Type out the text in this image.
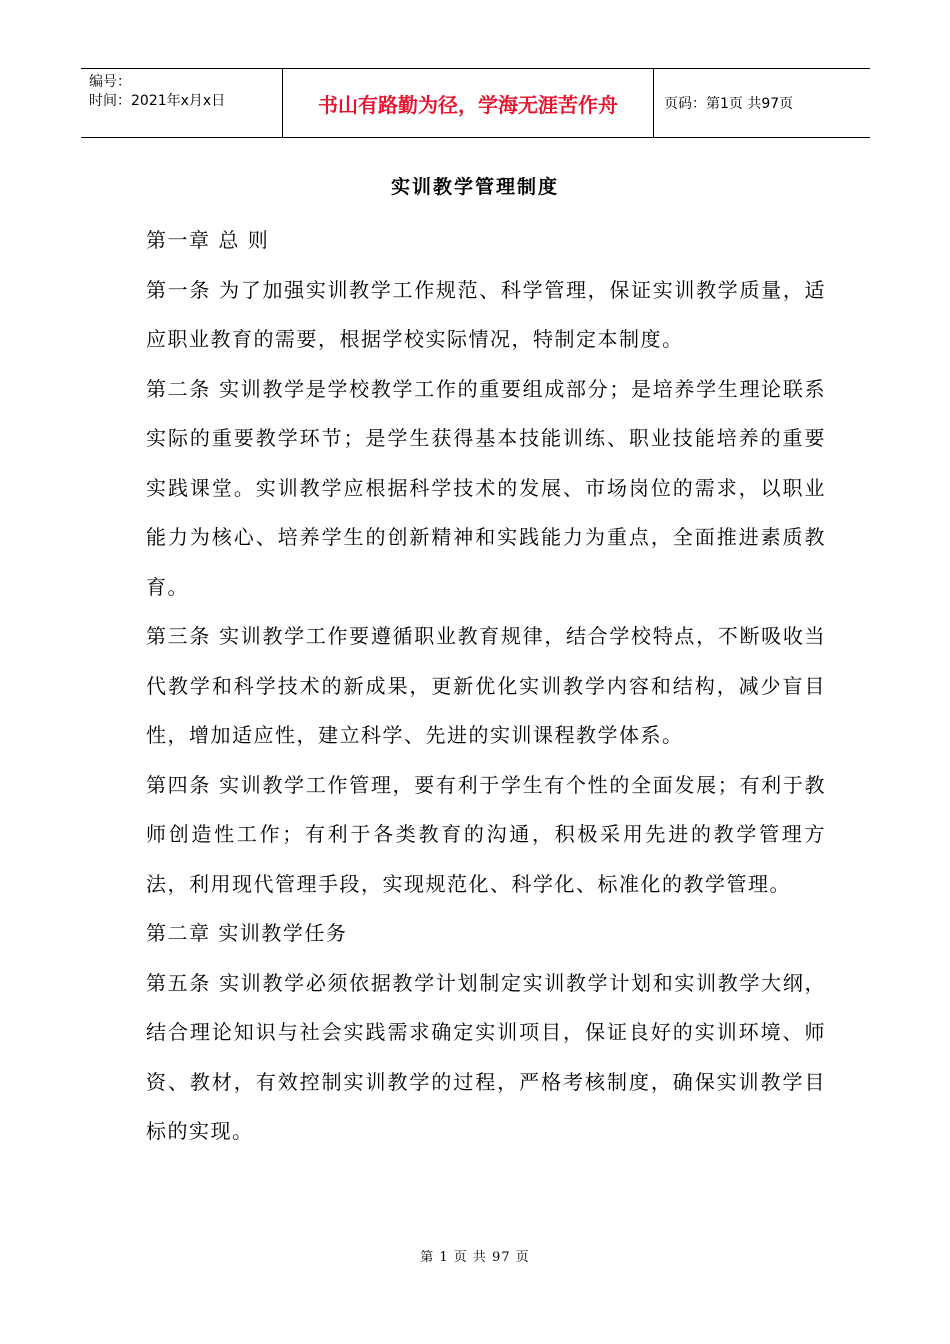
编号：
时间：2021年x月x日	书山有路勤为径，学海无涯苦作舟	页码：第1页 共97页
实训教学管理制度

第一章 总 则

第一条 为了加强实训教学工作规范、科学管理，保证实训教学质量，适应职业教育的需要，根据学校实际情况，特制定本制度。

第二条 实训教学是学校教学工作的重要组成部分；是培养学生理论联系实际的重要教学环节；是学生获得基本技能训练、职业技能培养的重要实践课堂。实训教学应根据科学技术的发展、市场岗位的需求，以职业能力为核心、培养学生的创新精神和实践能力为重点，全面推进素质教育。

第三条 实训教学工作要遵循职业教育规律，结合学校特点，不断吸收当代教学和科学技术的新成果，更新优化实训教学内容和结构，减少盲目性，增加适应性，建立科学、先进的实训课程教学体系。

第四条 实训教学工作管理，要有利于学生有个性的全面发展；有利于教师创造性工作；有利于各类教育的沟通，积极采用先进的教学管理方法，利用现代管理手段，实现规范化、科学化、标准化的教学管理。

第二章 实训教学任务

第五条 实训教学必须依据教学计划制定实训教学计划和实训教学大纲，结合理论知识与社会实践需求确定实训项目，保证良好的实训环境、师资、教材，有效控制实训教学的过程，严格考核制度，确保实训教学目标的实现。

第 1 页 共 97 页
